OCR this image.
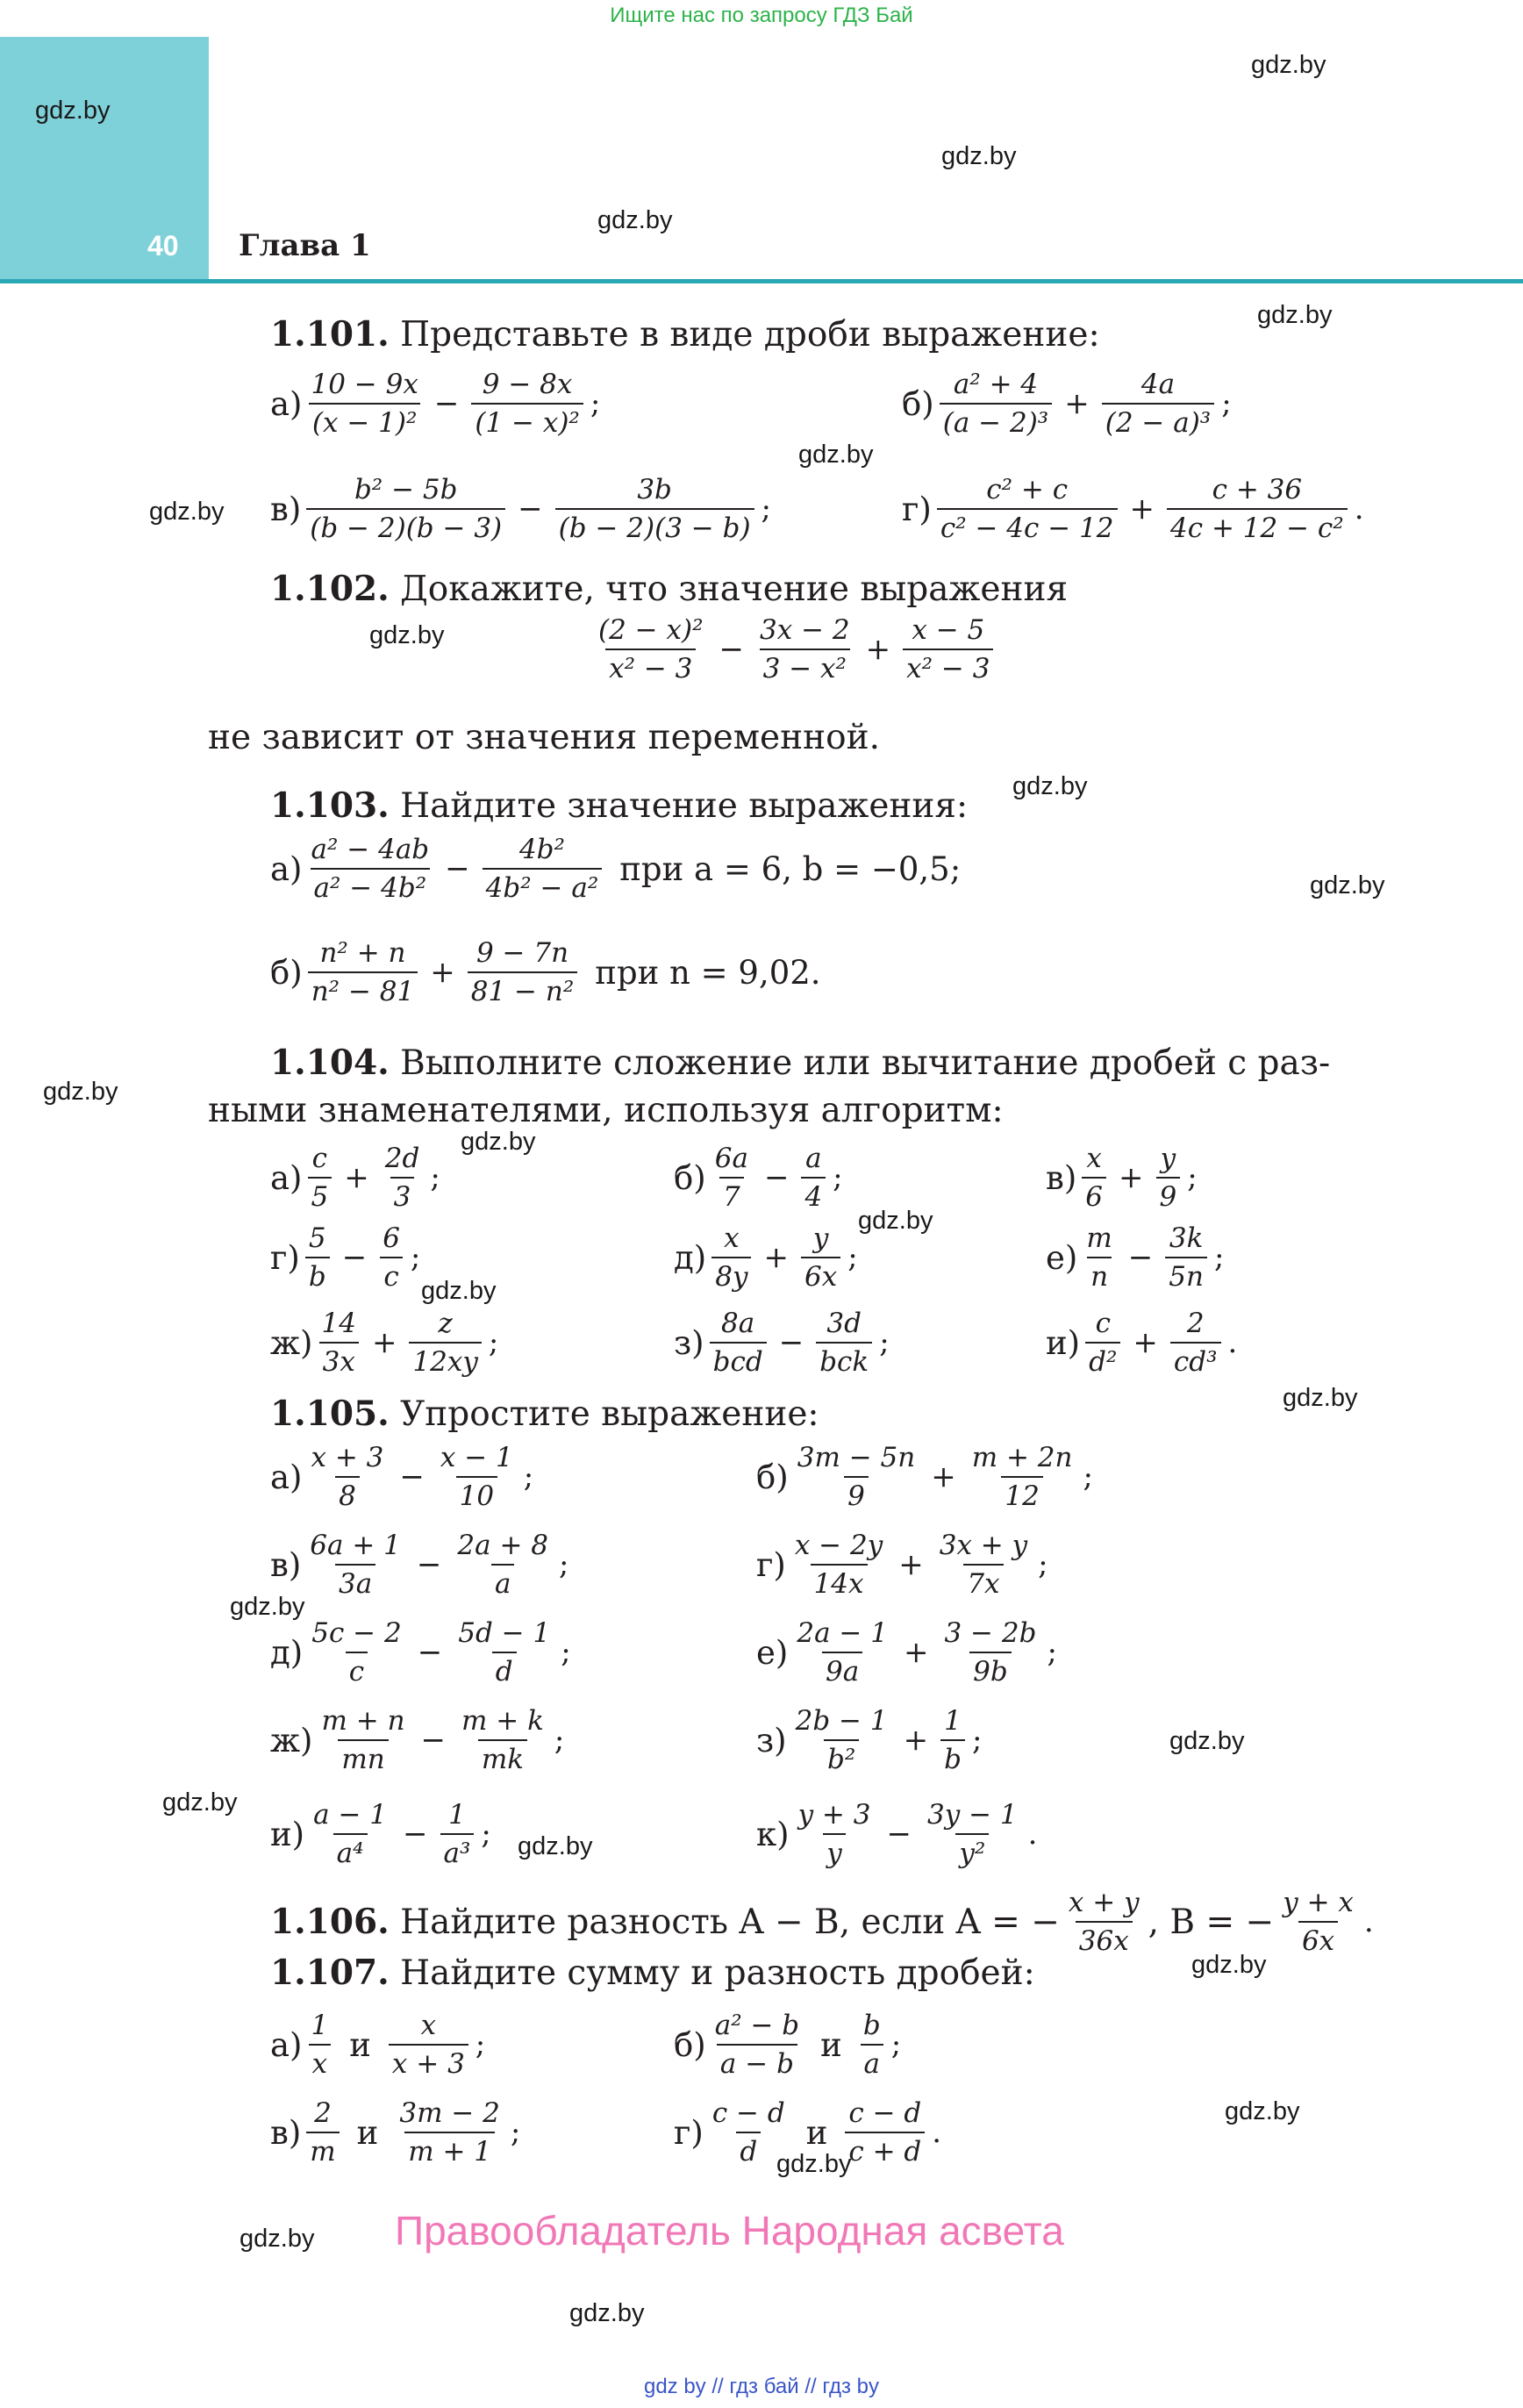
Ищите нас по запросу ГДЗ Бай
40 Глава 1
gdz.by
gdz.by
gdz.by
gdz.by
gdz.by
gdz.by
gdz.by
gdz.by
gdz.by
gdz.by
gdz.by
gdz.by
gdz.by
gdz.by
gdz.by
gdz.by
gdz.by
gdz.by
gdz.by
gdz.by
gdz.by
gdz.by
gdz.by
gdz.by
1.101. Представьте в виде дроби выражение:
$а) \frac{10 - 9x}{\text{(x − 1)²}} - \frac{9 - 8x}{\text{(1 − x)²}}$ ;	$б) \frac{\text{a² + 4}}{\text{(a − 2)³}} + \frac{4a}{\text{(2 − a)³}}$ ;
$в) \frac{\text{b² − 5b}}{(b - 2)(b - 3)} - \frac{3b}{(b - 2)(3 - b)}$ ;	$г) \frac{\text{c² + c}}{\text{c² − 4c − 12}} + \frac{c + 36}{\text{4c + 12 − c²}}$ .
1.102. Докажите, что значение выражения
$\frac{\text{(2 − x)²}}{\text{x² − 3}} - \frac{3x - 2}{\text{3 − x²}} + \frac{x - 5}{\text{x² − 3}}$
не зависит от значения переменной.
1.103. Найдите значение выражения:
$а) \frac{\text{a² − 4ab}}{\text{a² − 4b²}} - \frac{\text{4b²}}{\text{4b² − a²}}$ при a = 6, b = −0,5;
$б) \frac{\text{n² + n}}{\text{n² − 81}} + \frac{9 - 7n}{\text{81 − n²}}$ при n = 9,02.
1.104. Выполните сложение или вычитание дробей с раз-
ными знаменателями, используя алгоритм:
$а) \frac{c}{5} + \frac{2d}{3}$ ;	$б) \frac{6a}{7} - \frac{a}{4}$ ;	$в) \frac{x}{6} + \frac{y}{9}$ ;
$г) \frac{5}{b} - \frac{6}{c}$ ;	$д) \frac{x}{8y} + \frac{y}{6x}$ ;	$е) \frac{m}{n} - \frac{3k}{5n}$ ;
$ж) \frac{14}{3x} + \frac{z}{12xy}$ ;	$з) \frac{8a}{\text{bcd}} - \frac{3d}{\text{bck}}$ ;	$и) \frac{c}{\text{d²}} + \frac{2}{\text{cd³}}$ .
1.105. Упростите выражение:
$а) \frac{x + 3}{8} - \frac{x - 1}{10}$ ;	$б) \frac{3m - 5n}{9} + \frac{m + 2n}{12}$ ;
$в) \frac{6a + 1}{3a} - \frac{2a + 8}{a}$ ;	$г) \frac{x - 2y}{14x} + \frac{3x + y}{7x}$ ;
$д) \frac{5c - 2}{c} - \frac{5d - 1}{d}$ ;	$е) \frac{2a - 1}{9a} + \frac{3 - 2b}{9b}$ ;
$ж) \frac{m + n}{mn} - \frac{m + k}{mk}$ ;	$з) \frac{2b - 1}{\text{b²}} + \frac{1}{b}$ ;
$и) \frac{a - 1}{\text{a⁴}} - \frac{1}{\text{a³}}$ ;	$к) \frac{y + 3}{y} - \frac{3y - 1}{\text{y²}}$ .
1.106. Найдите разность A − B, если A = − $\frac{x + y}{36x}$ , B = − $\frac{y + x}{6x}$ .
1.107. Найдите сумму и разность дробей:
$а) \frac{1}{x}$ и $\frac{x}{x + 3}$ ;	$б) \frac{\text{a² − b}}{a - b}$ и $\frac{b}{a}$ ;
$в) \frac{2}{m}$ и $\frac{3m - 2}{m + 1}$ ;	$г) \frac{c - d}{d}$ и $\frac{c - d}{c + d}$ .
Правообладатель Народная асвета
gdz by // гдз бай // гдз by
